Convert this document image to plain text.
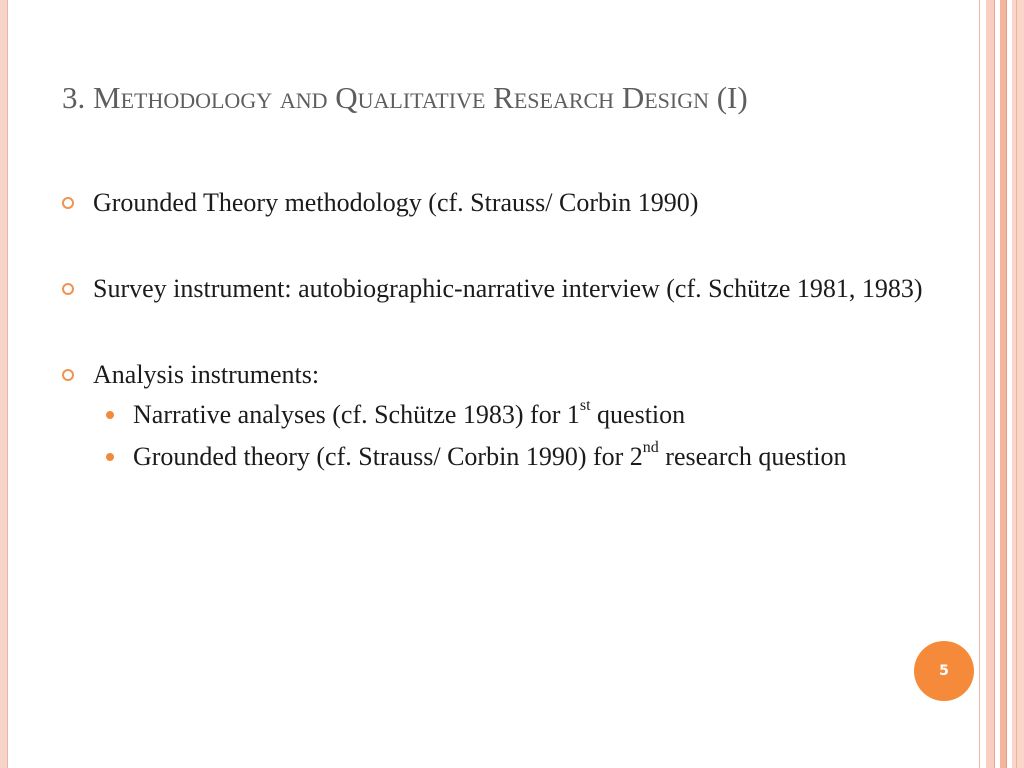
3. Methodology and Qualitative Research Design (I)
Grounded Theory methodology (cf. Strauss/ Corbin 1990)
Survey instrument: autobiographic-narrative interview (cf. Schütze 1981, 1983)
Analysis instruments:
Narrative analyses (cf. Schütze 1983) for 1st question
Grounded theory (cf. Strauss/ Corbin 1990) for 2nd research question
5
